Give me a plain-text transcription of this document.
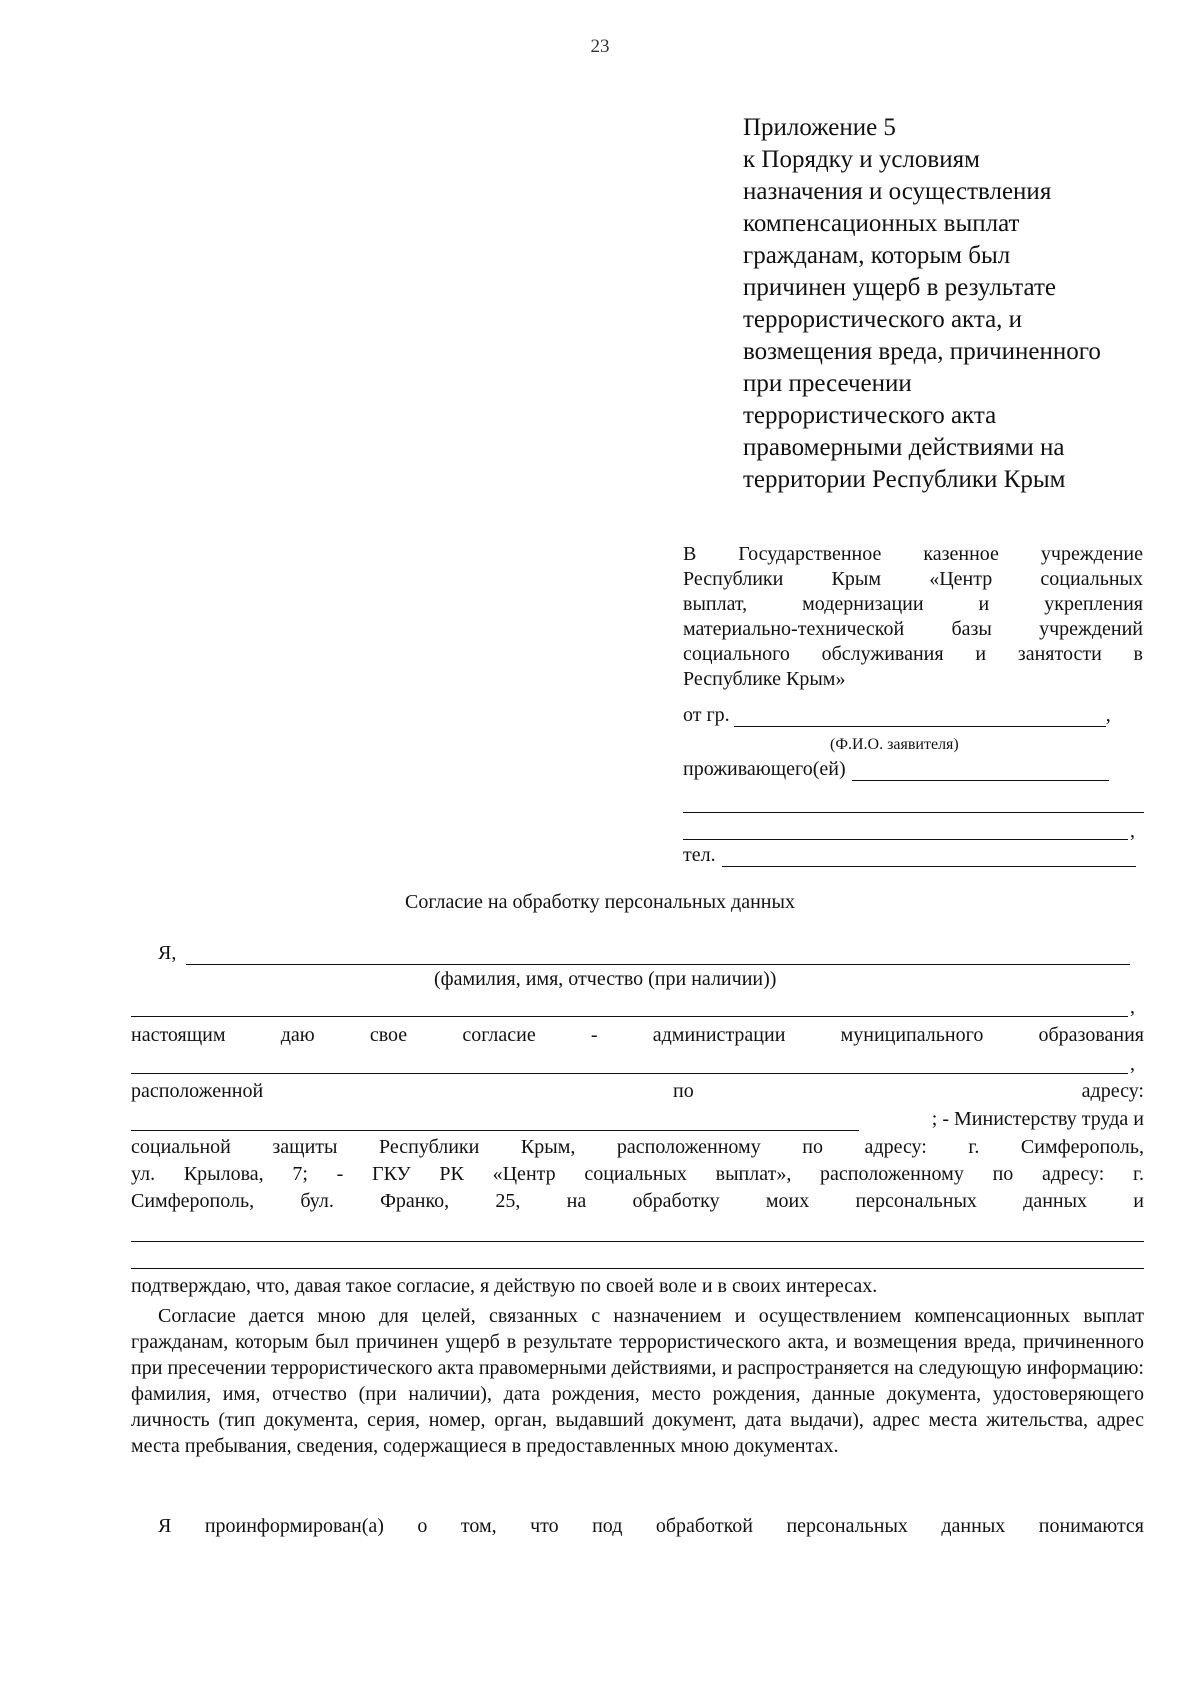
23
Приложение 5
к Порядку и условиям
назначения и осуществления
компенсационных выплат
гражданам, которым был
причинен ущерб в результате
террористического акта, и
возмещения вреда, причиненного
при пресечении
террористического акта
правомерными действиями на
территории Республики Крым
В Государственное казенное учреждение
Республики Крым «Центр социальных
выплат, модернизации и укрепления
материально-технической базы учреждений
социального обслуживания и занятости в
Республике Крым»
от гр.	,
(Ф.И.О. заявителя)
проживающего(ей)
,
тел.
Согласие на обработку персональных данных
Я,
(фамилия, имя, отчество (при наличии))
,
настоящим даю свое согласие - администрации муниципального образования
,
расположенной	по	адресу:
; - Министерству труда и
социальной защиты Республики Крым, расположенному по адресу: г. Симферополь,
ул. Крылова, 7; - ГКУ РК «Центр социальных выплат», расположенному по адресу: г.
Симферополь, бул. Франко, 25, на обработку моих персональных данных и
подтверждаю, что, давая такое согласие, я действую по своей воле и в своих интересах.
Согласие дается мною для целей, связанных с назначением и осуществлением компенсационных выплат гражданам, которым был причинен ущерб в результате террористического акта, и возмещения вреда, причиненного при пресечении террористического акта правомерными действиями, и распространяется на следующую информацию: фамилия, имя, отчество (при наличии), дата рождения, место рождения, данные документа, удостоверяющего личность (тип документа, серия, номер, орган, выдавший документ, дата выдачи), адрес места жительства, адрес места пребывания, сведения, содержащиеся в предоставленных мною документах.
Я проинформирован(а) о том, что под обработкой персональных данных понимаются
